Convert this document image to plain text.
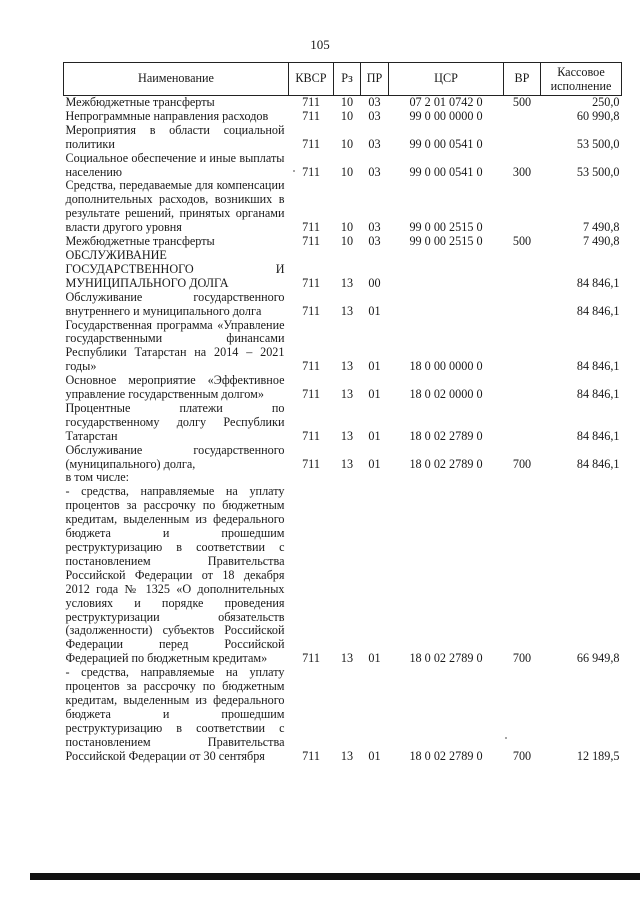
105
Наименование	КВСР	Рз	ПР	ЦСР	ВР	Кассовое исполнение
Межбюджетные трансферты	711	10	03	07 2 01 0742 0	500	250,0
Непрограммные направления расходов	711	10	03	99 0 00 0000 0		60 990,8
Мероприятия в области социальной политики	711	10	03	99 0 00 0541 0		53 500,0
Социальное обеспечение и иные выплаты населению	711	10	03	99 0 00 0541 0	300	53 500,0
Средства, передаваемые для компенсации дополнительных расходов, возникших в результате решений, принятых органами власти другого уровня	711	10	03	99 0 00 2515 0		7 490,8
Межбюджетные трансферты	711	10	03	99 0 00 2515 0	500	7 490,8
ОБСЛУЖИВАНИЕ ГОСУДАРСТВЕННОГО И МУНИЦИПАЛЬНОГО ДОЛГА	711	13	00			84 846,1
Обслуживание государственного внутреннего и муниципального долга	711	13	01			84 846,1
Государственная программа «Управление государственными финансами Республики Татарстан на 2014 – 2021 годы»	711	13	01	18 0 00 0000 0		84 846,1
Основное мероприятие «Эффективное управление государственным долгом»	711	13	01	18 0 02 0000 0		84 846,1
Процентные платежи по государственному долгу Республики Татарстан	711	13	01	18 0 02 2789 0		84 846,1
Обслуживание государственного (муниципального) долга,	711	13	01	18 0 02 2789 0	700	84 846,1
в том числе:						
- средства, направляемые на уплату процентов за рассрочку по бюджетным кредитам, выделенным из федерального бюджета и прошедшим реструктуризацию в соответствии с постановлением Правительства Российской Федерации от 18 декабря 2012 года № 1325 «О дополнительных условиях и порядке проведения реструктуризации обязательств (задолженности) субъектов Российской Федерации перед Российской Федерацией по бюджетным кредитам»	711	13	01	18 0 02 2789 0	700	66 949,8
- средства, направляемые на уплату процентов за рассрочку по бюджетным кредитам, выделенным из федерального бюджета и прошедшим реструктуризацию в соответствии с постановлением Правительства Российской Федерации от 30 сентября	711	13	01	18 0 02 2789 0	700	12 189,5
